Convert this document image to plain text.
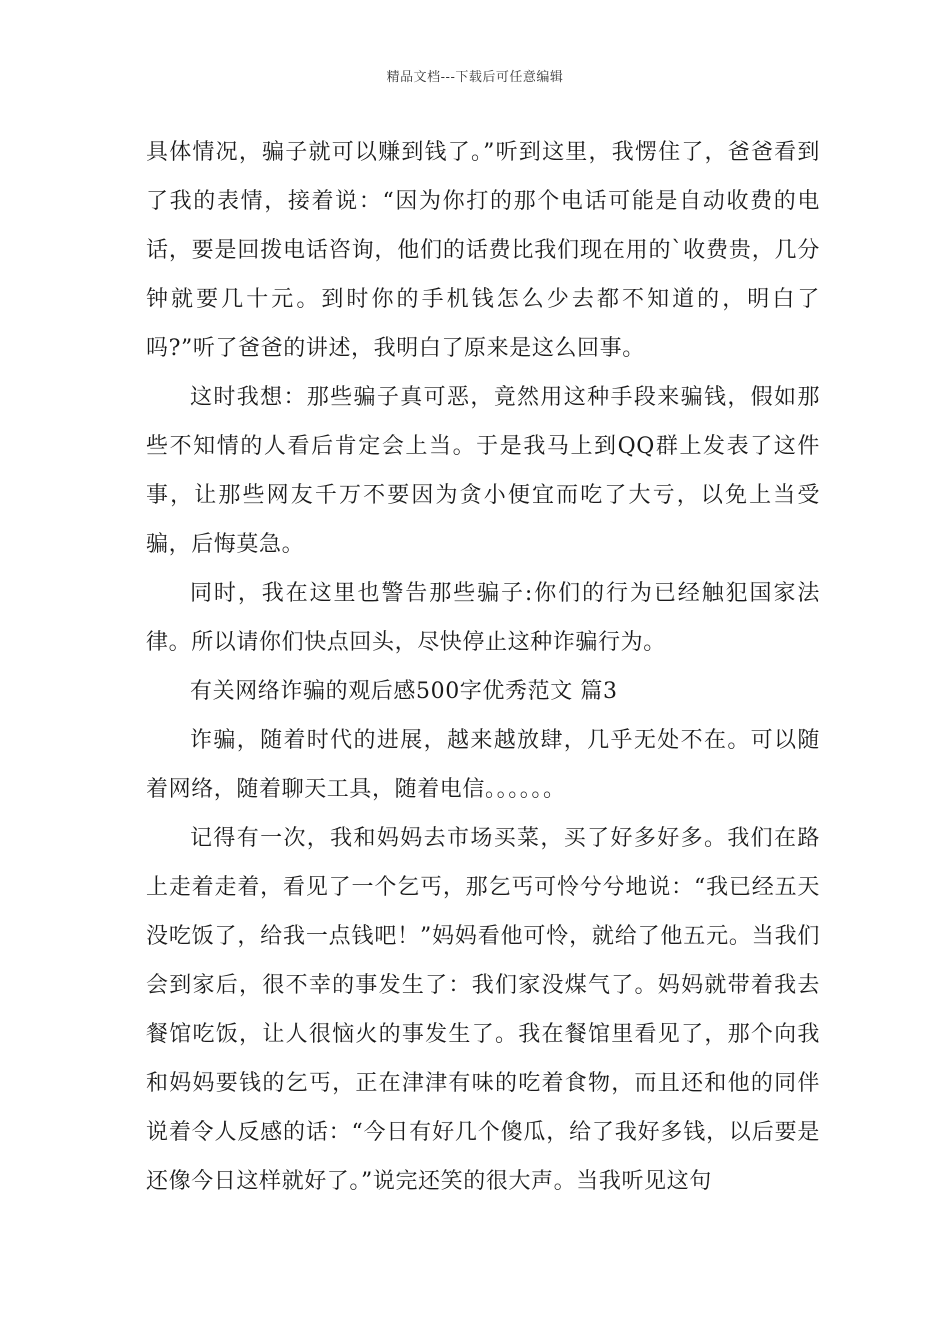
精品文档---下载后可任意编辑

具体情况，骗子就可以赚到钱了。”听到这里，我愣住了，爸爸看到了我的表情，接着说：“因为你打的那个电话可能是自动收费的电话，要是回拨电话咨询，他们的话费比我们现在用的`收费贵，几分钟就要几十元。到时你的手机钱怎么少去都不知道的，明白了吗?”听了爸爸的讲述，我明白了原来是这么回事。

这时我想：那些骗子真可恶，竟然用这种手段来骗钱，假如那些不知情的人看后肯定会上当。于是我马上到QQ群上发表了这件事，让那些网友千万不要因为贪小便宜而吃了大亏，以免上当受骗，后悔莫急。

同时，我在这里也警告那些骗子:你们的行为已经触犯国家法律。所以请你们快点回头，尽快停止这种诈骗行为。

有关网络诈骗的观后感500字优秀范文 篇3

诈骗，随着时代的进展，越来越放肆，几乎无处不在。可以随着网络，随着聊天工具，随着电信。。。。。。

记得有一次，我和妈妈去市场买菜，买了好多好多。我们在路上走着走着，看见了一个乞丐，那乞丐可怜兮兮地说：“我已经五天没吃饭了，给我一点钱吧！”妈妈看他可怜，就给了他五元。当我们会到家后，很不幸的事发生了：我们家没煤气了。妈妈就带着我去餐馆吃饭，让人很恼火的事发生了。我在餐馆里看见了，那个向我和妈妈要钱的乞丐，正在津津有味的吃着食物，而且还和他的同伴说着令人反感的话：“今日有好几个傻瓜，给了我好多钱，以后要是还像今日这样就好了。”说完还笑的很大声。当我听见这句
